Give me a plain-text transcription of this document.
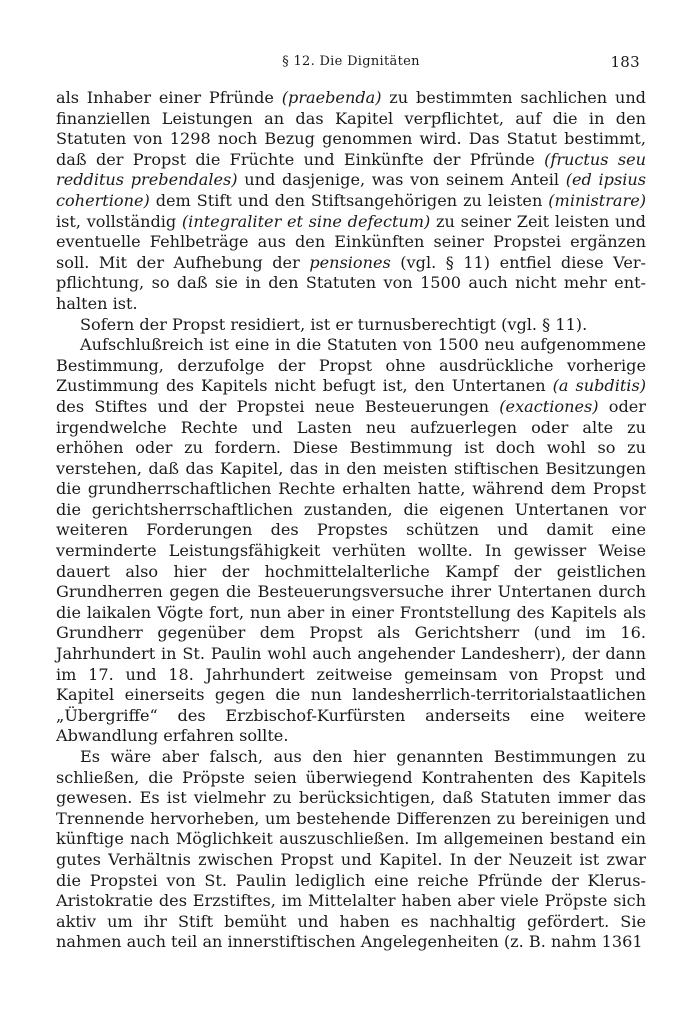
§ 12. Die Dignitäten	183

als Inhaber einer Pfründe (praebenda) zu bestimmten sachlichen und finanziellen Leistungen an das Kapitel verpflichtet, auf die in den Statuten von 1298 noch Bezug genommen wird. Das Statut bestimmt, daß der Propst die Früchte und Einkünfte der Pfründe (fructus seu redditus prebendales) und dasjenige, was von seinem Anteil (ed ipsius cohertione) dem Stift und den Stiftsangehörigen zu leisten (ministrare) ist, vollständig (integraliter et sine defectum) zu seiner Zeit leisten und eventuelle Fehlbeträge aus den Einkünften seiner Propstei ergänzen soll. Mit der Aufhebung der pensiones (vgl. § 11) entfiel diese Verpflichtung, so daß sie in den Statuten von 1500 auch nicht mehr enthalten ist.

Sofern der Propst residiert, ist er turnusberechtigt (vgl. § 11).

Aufschlußreich ist eine in die Statuten von 1500 neu aufgenommene Bestimmung, derzufolge der Propst ohne ausdrückliche vorherige Zustimmung des Kapitels nicht befugt ist, den Untertanen (a subditis) des Stiftes und der Propstei neue Besteuerungen (exactiones) oder irgendwelche Rechte und Lasten neu aufzuerlegen oder alte zu erhöhen oder zu fordern. Diese Bestimmung ist doch wohl so zu verstehen, daß das Kapitel, das in den meisten stiftischen Besitzungen die grundherrschaftlichen Rechte erhalten hatte, während dem Propst die gerichtsherrschaftlichen zustanden, die eigenen Untertanen vor weiteren Forderungen des Propstes schützen und damit eine verminderte Leistungsfähigkeit verhüten wollte. In gewisser Weise dauert also hier der hochmittelalterliche Kampf der geistlichen Grundherren gegen die Besteuerungsversuche ihrer Untertanen durch die laikalen Vögte fort, nun aber in einer Frontstellung des Kapitels als Grundherr gegenüber dem Propst als Gerichtsherr (und im 16. Jahrhundert in St. Paulin wohl auch angehender Landesherr), der dann im 17. und 18. Jahrhundert zeitweise gemeinsam von Propst und Kapitel einerseits gegen die nun landesherrlich-territorialstaatlichen „Übergriffe“ des Erzbischof-Kurfürsten anderseits eine weitere Abwandlung erfahren sollte.

Es wäre aber falsch, aus den hier genannten Bestimmungen zu schließen, die Pröpste seien überwiegend Kontrahenten des Kapitels gewesen. Es ist vielmehr zu berücksichtigen, daß Statuten immer das Trennende hervorheben, um bestehende Differenzen zu bereinigen und künftige nach Möglichkeit auszuschließen. Im allgemeinen bestand ein gutes Verhältnis zwischen Propst und Kapitel. In der Neuzeit ist zwar die Propstei von St. Paulin lediglich eine reiche Pfründe der Klerus-Aristokratie des Erzstiftes, im Mittelalter haben aber viele Pröpste sich aktiv um ihr Stift bemüht und haben es nachhaltig gefördert. Sie nahmen auch teil an innerstiftischen Angelegenheiten (z. B. nahm 1361
